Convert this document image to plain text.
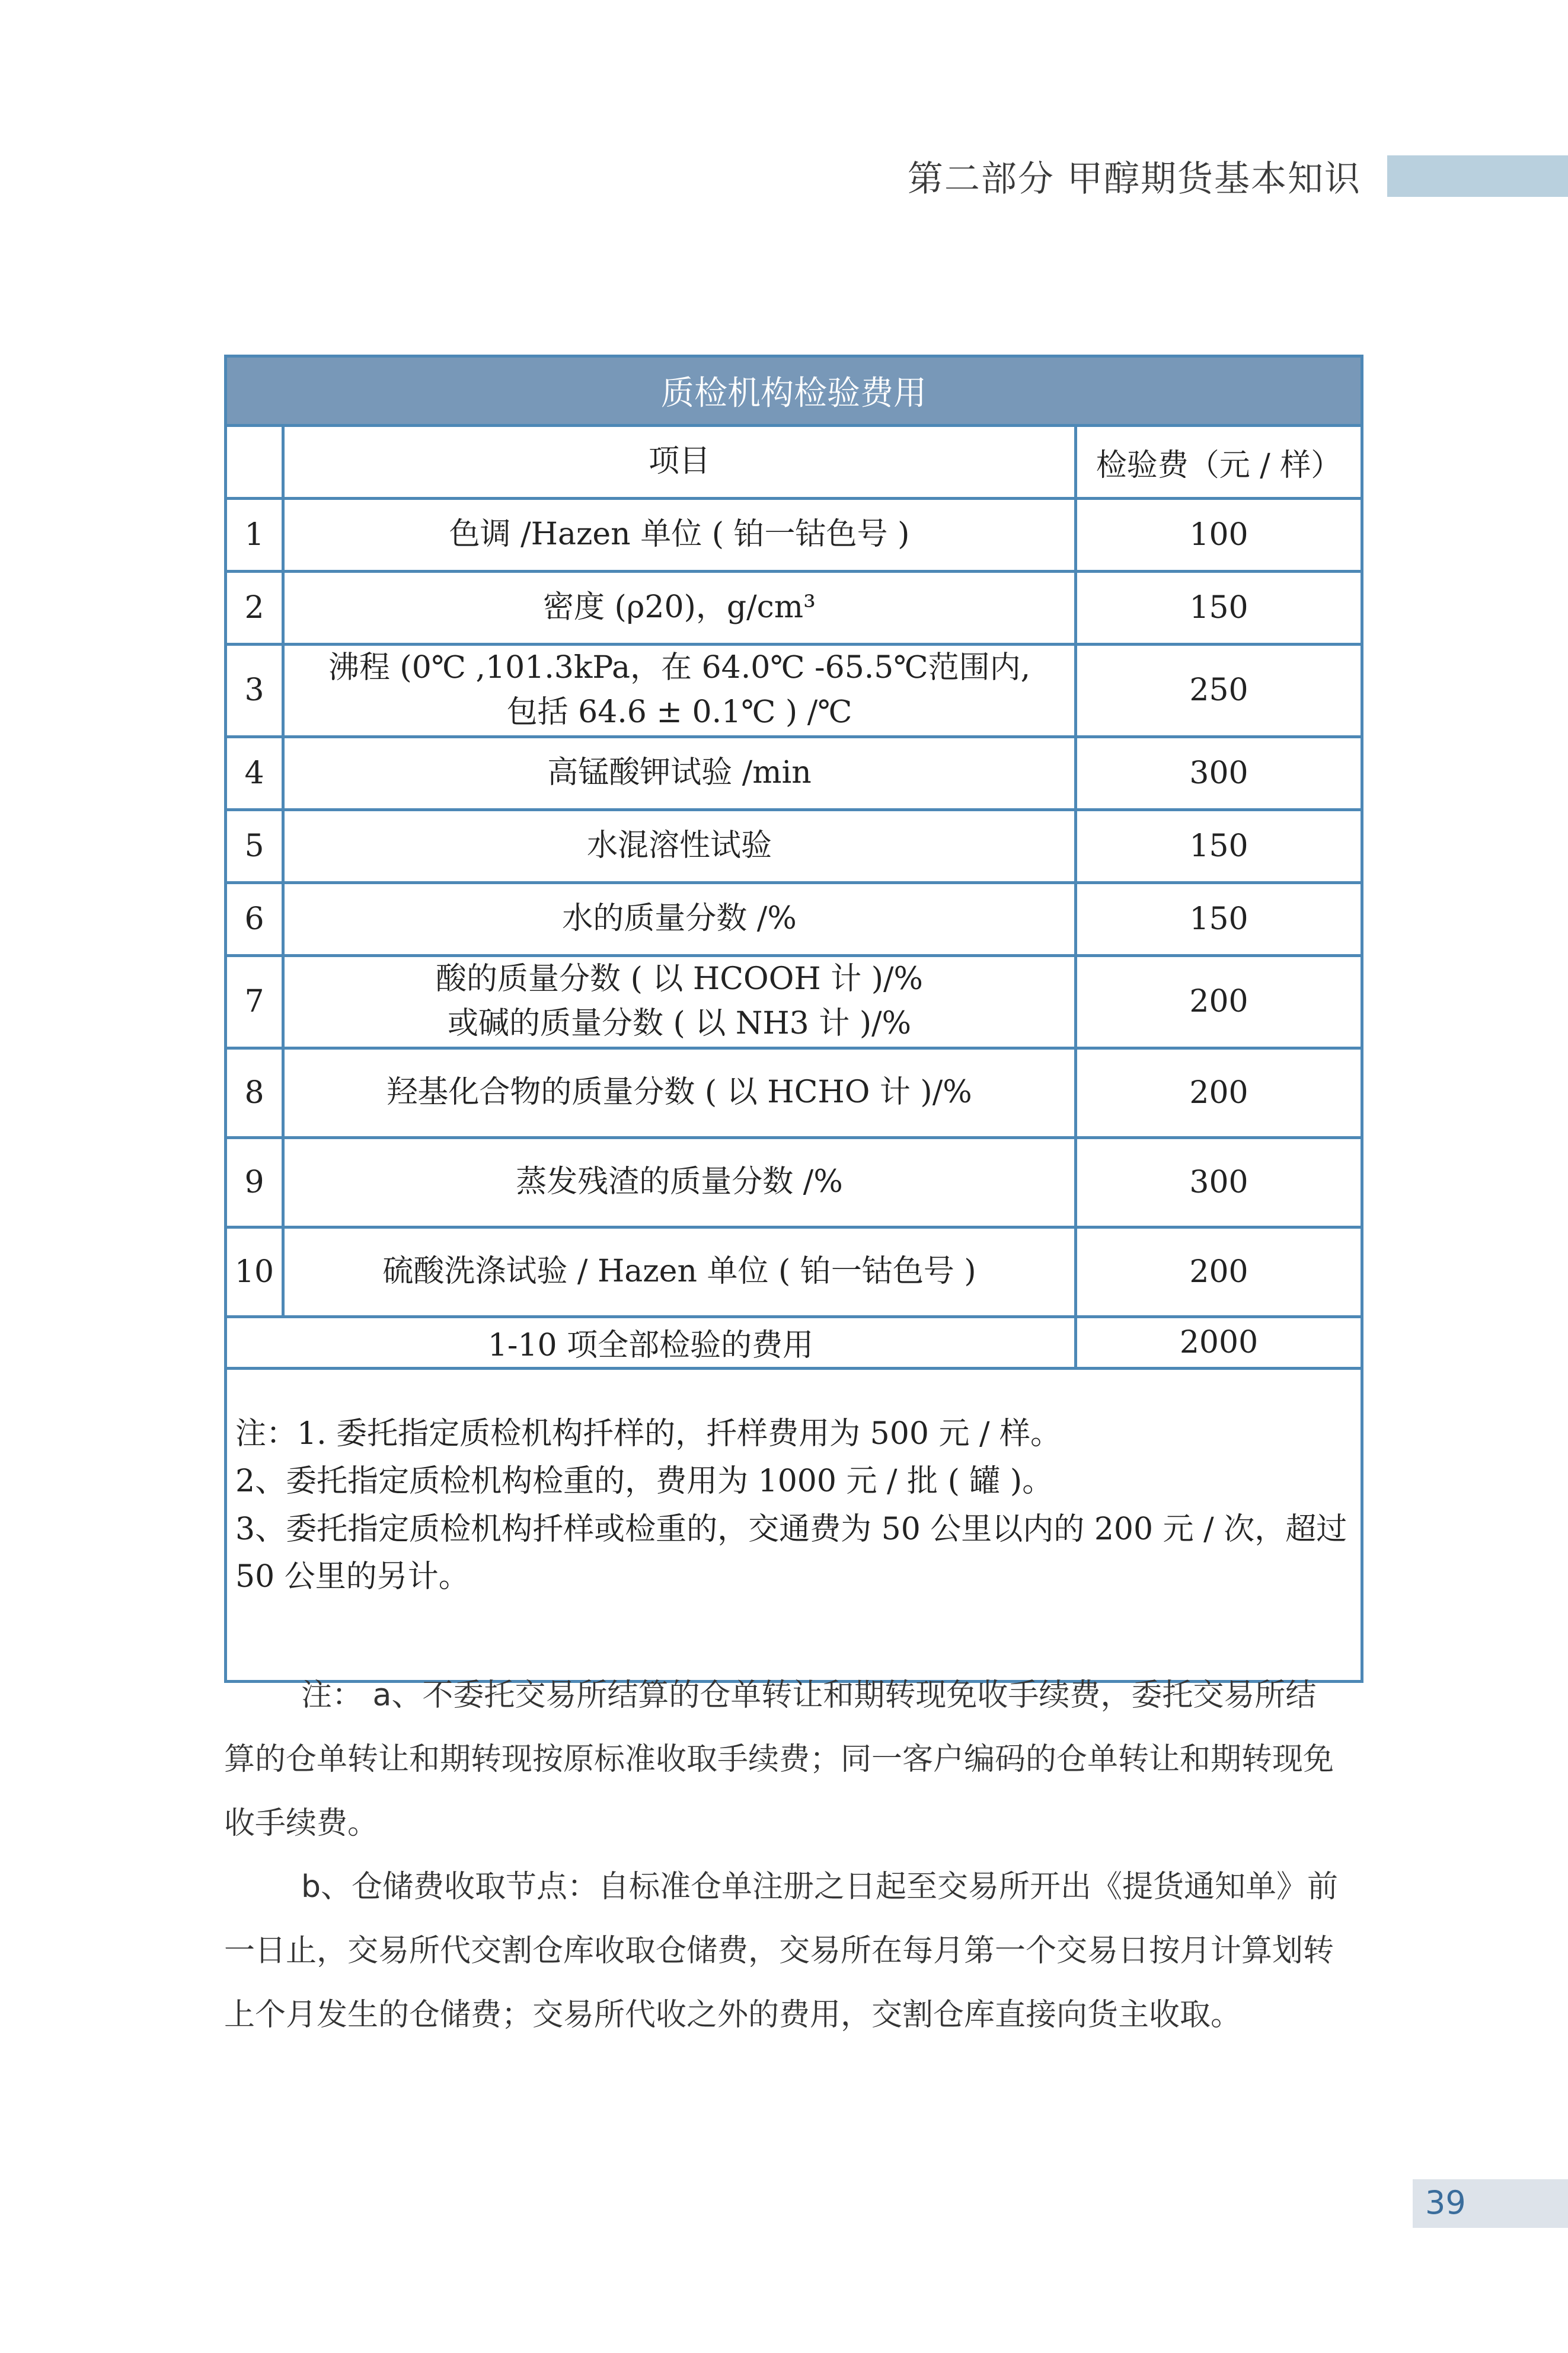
第二部分 甲醇期货基本知识
质检机构检验费用		
	项目	检验费（元 / 样）
1	色调 /Hazen 单位 ( 铂一钴色号 )	100
2	密度 (ρ20)，g/cm³	150
3	沸程 (0℃ ,101.3kPa，在 64.0℃ -65.5℃范围内,
包括 64.6 ± 0.1℃ ) /℃	250
4	高锰酸钾试验 /min	300
5	水混溶性试验	150
6	水的质量分数 /%	150
7	酸的质量分数 ( 以 HCOOH 计 )/%
或碱的质量分数 ( 以 NH3 计 )/%	200
8	羟基化合物的质量分数 ( 以 HCHO 计 )/%	200
9	蒸发残渣的质量分数 /%	300
10	硫酸洗涤试验 / Hazen 单位 ( 铂一钴色号 )	200
1-10 项全部检验的费用		2000

注：1. 委托指定质检机构扦样的，扦样费用为 500 元 / 样。
2、委托指定质检机构检重的，费用为 1000 元 / 批 ( 罐 )。
3、委托指定质检机构扦样或检重的，交通费为 50 公里以内的 200 元 / 次，超过
50 公里的另计。		
注： a、不委托交易所结算的仓单转让和期转现免收手续费，委托交易所结
算的仓单转让和期转现按原标准收取手续费；同一客户编码的仓单转让和期转现免
收手续费。
b、仓储费收取节点：自标准仓单注册之日起至交易所开出《提货通知单》前
一日止，交易所代交割仓库收取仓储费，交易所在每月第一个交易日按月计算划转
上个月发生的仓储费；交易所代收之外的费用，交割仓库直接向货主收取。
39
